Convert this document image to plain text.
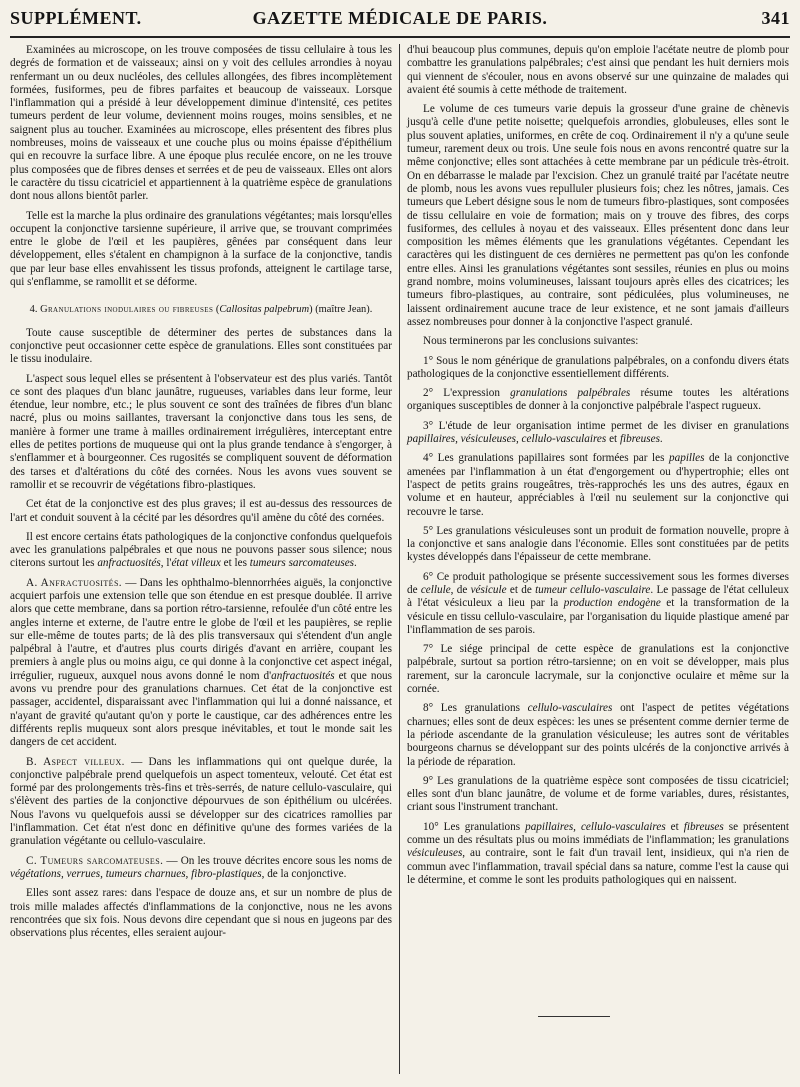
GAZETTE MÉDICALE DE PARIS.
SUPPLÉMENT.	341

Examinées au microscope, on les trouve composées de tissu cellulaire à tous les degrés de formation et de vaisseaux; ainsi on y voit des cellules arrondies à noyau renfermant un ou deux nucléoles, des cellules allongées, des fibres incomplètement formées, fusiformes, peu de fibres parfaites et beaucoup de vaisseaux. Lorsque l'inflammation qui a présidé à leur développement diminue d'intensité, ces petites tumeurs perdent de leur volume, deviennent moins rouges, moins sensibles, et ne saignent plus au toucher. Examinées au microscope, elles présentent des fibres plus nombreuses, moins de vaisseaux et une couche plus ou moins épaisse d'épithélium qui en recouvre la surface libre. A une époque plus reculée encore, on ne les trouve plus composées que de fibres denses et serrées et de peu de vaisseaux. Elles ont alors le caractère du tissu cicatriciel et appartiennent à la quatrième espèce de granulations dont nous allons bientôt parler.

Telle est la marche la plus ordinaire des granulations végétantes; mais lorsqu'elles occupent la conjonctive tarsienne supérieure, il arrive que, se trouvant comprimées entre le globe de l'œil et les paupières, gênées par conséquent dans leur développement, elles s'étalent en champignon à la surface de la conjonctive, tandis que par leur base elles envahissent les tissus profonds, atteignent le cartilage tarse, qui s'enflamme, se ramollit et se déforme.

4. Granulations inodulaires ou fibreuses (Callositas palpebrum) (maître Jean).

Toute cause susceptible de déterminer des pertes de substances dans la conjonctive peut occasionner cette espèce de granulations. Elles sont constituées par le tissu inodulaire.

L'aspect sous lequel elles se présentent à l'observateur est des plus variés. Tantôt ce sont des plaques d'un blanc jaunâtre, rugueuses, variables dans leur forme, leur étendue, leur nombre, etc.; le plus souvent ce sont des traînées de fibres d'un blanc nacré, plus ou moins saillantes, traversant la conjonctive dans tous les sens, de manière à former une trame à mailles ordinairement irrégulières, interceptant entre elles de petites portions de muqueuse qui ont la plus grande tendance à s'engorger, à s'enflammer et à bourgeonner. Ces rugosités se compliquent souvent de déformation des tarses et d'altérations du côté des cornées. Nous les avons vues souvent se ramollir et se recouvrir de végétations fibro-plastiques.

Cet état de la conjonctive est des plus graves; il est au-dessus des ressources de l'art et conduit souvent à la cécité par les désordres qu'il amène du côté des cornées.

Il est encore certains états pathologiques de la conjonctive confondus quelquefois avec les granulations palpébrales et que nous ne pouvons passer sous silence; nous citerons surtout les anfractuosités, l'état villeux et les tumeurs sarcomateuses.

A. Anfractuosités. — Dans les ophthalmo-blennorrhées aiguës, la conjonctive acquiert parfois une extension telle que son étendue en est presque doublée. Il arrive alors que cette membrane, dans sa portion rétro-tarsienne, refoulée d'un côté entre les angles interne et externe, de l'autre entre le globe de l'œil et les paupières, se replie sur elle-même de toutes parts; de là des plis transversaux qui s'étendent d'un angle palpébral à l'autre, et d'autres plus courts dirigés d'avant en arrière, coupant les premiers à angle plus ou moins aigu, ce qui donne à la conjonctive cet aspect inégal, irrégulier, rugueux, auxquel nous avons donné le nom d'anfractuosités et que nous avons vu prendre pour des granulations charnues. Cet état de la conjonctive est passager, accidentel, disparaissant avec l'inflammation qui lui a donné naissance, et n'ayant de gravité qu'autant qu'on y porte le caustique, car des adhérences entre les différents replis muqueux sont alors presque inévitables, et tout le monde sait les dangers de cet accident.

B. Aspect villeux. — Dans les inflammations qui ont quelque durée, la conjonctive palpébrale prend quelquefois un aspect tomenteux, velouté. Cet état est formé par des prolongements très-fins et très-serrés, de nature cellulo-vasculaire, qui s'élèvent des parties de la conjonctive dépourvues de son épithélium ou ulcérées. Nous l'avons vu quelquefois aussi se développer sur des cicatrices ramollies par l'inflammation. Cet état n'est donc en définitive qu'une des formes variées de la granulation végétante ou cellulo-vasculaire.

C. Tumeurs sarcomateuses. — On les trouve décrites encore sous les noms de végétations, verrues, tumeurs charnues, fibro-plastiques, de la conjonctive.

Elles sont assez rares: dans l'espace de douze ans, et sur un nombre de plus de trois mille malades affectés d'inflammations de la conjonctive, nous ne les avons rencontrées que six fois. Nous devons dire cependant que si nous en jugeons par des observations plus récentes, elles seraient aujour-

d'hui beaucoup plus communes, depuis qu'on emploie l'acétate neutre de plomb pour combattre les granulations palpébrales; c'est ainsi que pendant les huit derniers mois qui viennent de s'écouler, nous en avons observé sur une quinzaine de malades qui avaient été soumis à cette méthode de traitement.

Le volume de ces tumeurs varie depuis la grosseur d'une graine de chènevis jusqu'à celle d'une petite noisette; quelquefois arrondies, globuleuses, elles sont le plus souvent aplaties, uniformes, en crête de coq. Ordinairement il n'y a qu'une seule tumeur, rarement deux ou trois. Une seule fois nous en avons rencontré quatre sur la même conjonctive; elles sont attachées à cette membrane par un pédicule très-étroit. On en débarrasse le malade par l'excision. Chez un granulé traité par l'acétate neutre de plomb, nous les avons vues repulluler plusieurs fois; chez les nôtres, jamais. Ces tumeurs que Lebert désigne sous le nom de tumeurs fibro-plastiques, sont composées de tissu cellulaire en voie de formation; mais on y trouve des fibres, des corps fusiformes, des cellules à noyau et des vaisseaux. Elles présentent donc dans leur composition les mêmes éléments que les granulations végétantes. Cependant les caractères qui les distinguent de ces dernières ne permettent pas qu'on les confonde entre elles. Ainsi les granulations végétantes sont sessiles, réunies en plus ou moins grand nombre, moins volumineuses, laissant toujours après elles des cicatrices; les tumeurs fibro-plastiques, au contraire, sont pédiculées, plus volumineuses, ne laissent ordinairement aucune trace de leur existence, et ne sont jamais d'ailleurs assez nombreuses pour donner à la conjonctive l'aspect granulé.

Nous terminerons par les conclusions suivantes:

1° Sous le nom générique de granulations palpébrales, on a confondu divers états pathologiques de la conjonctive essentiellement différents.

2° L'expression granulations palpébrales résume toutes les altérations organiques susceptibles de donner à la conjonctive palpébrale l'aspect rugueux.

3° L'étude de leur organisation intime permet de les diviser en granulations papillaires, vésiculeuses, cellulo-vasculaires et fibreuses.

4° Les granulations papillaires sont formées par les papilles de la conjonctive amenées par l'inflammation à un état d'engorgement ou d'hypertrophie; elles ont l'aspect de petits grains rougeâtres, très-rapprochés les uns des autres, égaux en volume et en hauteur, appréciables à l'œil nu seulement sur la conjonctive qui recouvre le tarse.

5° Les granulations vésiculeuses sont un produit de formation nouvelle, propre à la conjonctive et sans analogie dans l'économie. Elles sont constituées par de petits kystes développés dans l'épaisseur de cette membrane.

6° Ce produit pathologique se présente successivement sous les formes diverses de cellule, de vésicule et de tumeur cellulo-vasculaire. Le passage de l'état celluleux à l'état vésiculeux a lieu par la production endogène et la transformation de la vésicule en tissu cellulo-vasculaire, par l'organisation du liquide plastique amené par l'inflammation de ses parois.

7° Le siége principal de cette espèce de granulations est la conjonctive palpébrale, surtout sa portion rétro-tarsienne; on en voit se développer, mais plus rarement, sur la caroncule lacrymale, sur la conjonctive oculaire et même sur la cornée.

8° Les granulations cellulo-vasculaires ont l'aspect de petites végétations charnues; elles sont de deux espèces: les unes se présentent comme dernier terme de la période ascendante de la granulation vésiculeuse; les autres sont de véritables bourgeons charnus se développant sur des points ulcérés de la conjonctive arrivés à la période de réparation.

9° Les granulations de la quatrième espèce sont composées de tissu cicatriciel; elles sont d'un blanc jaunâtre, de volume et de forme variables, dures, résistantes, criant sous l'instrument tranchant.

10° Les granulations papillaires, cellulo-vasculaires et fibreuses se présentent comme un des résultats plus ou moins immédiats de l'inflammation; les granulations vésiculeuses, au contraire, sont le fait d'un travail lent, insidieux, qui n'a rien de commun avec l'inflammation, travail spécial dans sa nature, comme l'est la cause qui le détermine, et comme le sont les produits pathologiques qui en naissent.
